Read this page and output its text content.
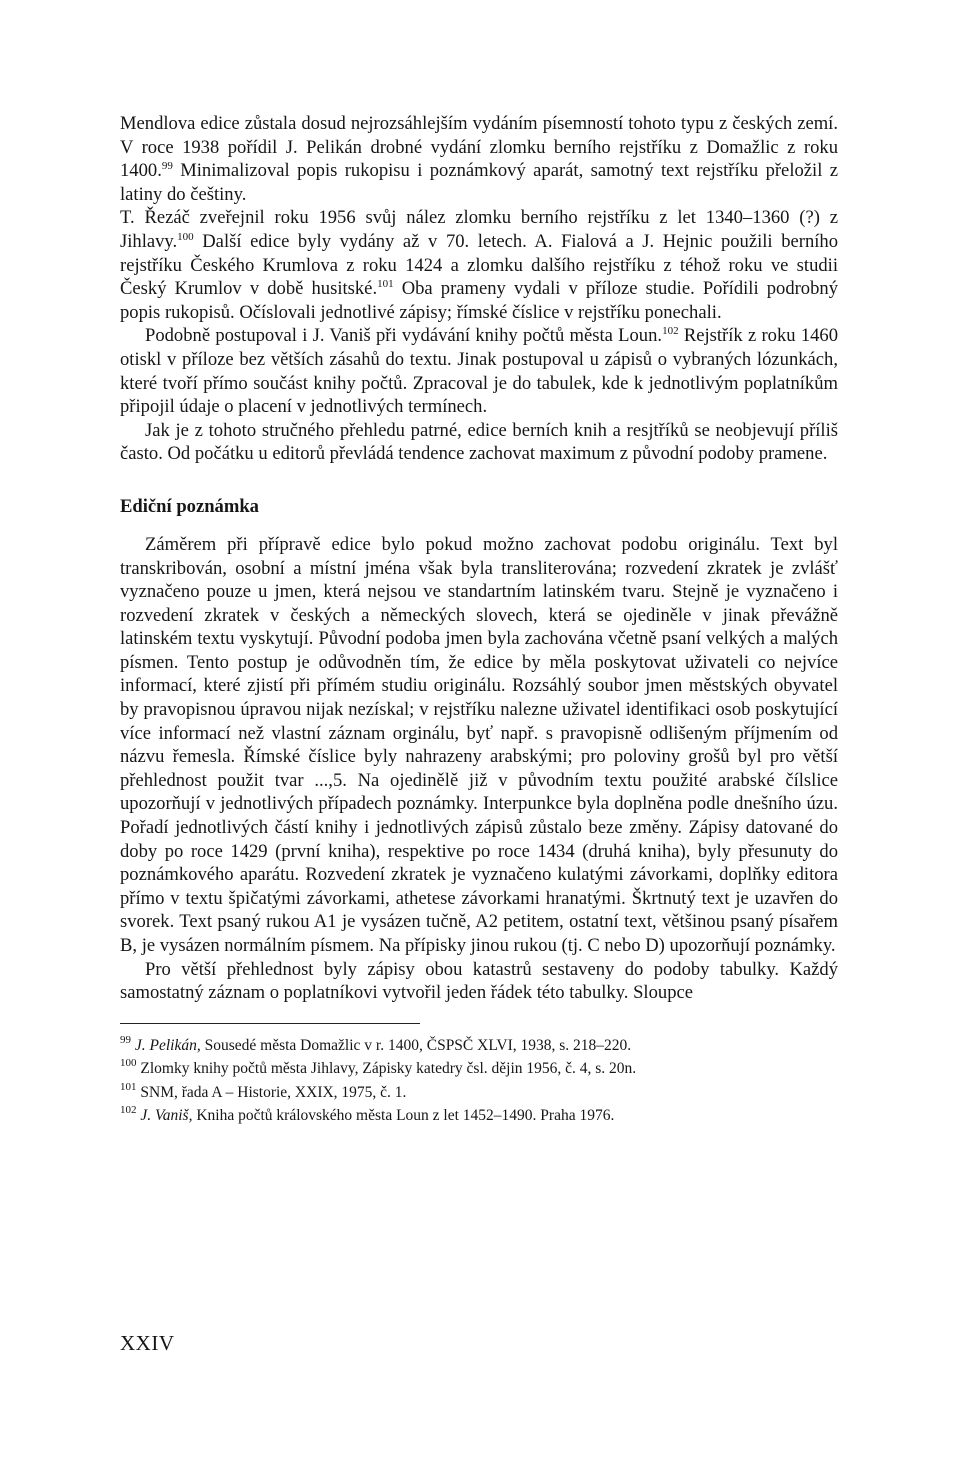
Mendlova edice zůstala dosud nejrozsáhlejším vydáním písemností tohoto typu z českých zemí. V roce 1938 pořídil J. Pelikán drobné vydání zlomku berního rejstříku z Domažlic z roku 1400.99 Minimalizoval popis rukopisu i poznámkový aparát, samotný text rejstříku přeložil z latiny do češtiny.

T. Řezáč zveřejnil roku 1956 svůj nález zlomku berního rejstříku z let 1340–1360 (?) z Jihlavy.$^{100}$ Další edice byly vydány až v 70. letech. A. Fialová a J. Hejnic použili berního rejstříku Českého Krumlova z roku 1424 a zlomku dalšího rejstříku z téhož roku ve studii Český Krumlov v době husitské.$^{101}$ Oba prameny vydali v příloze studie. Pořídili podrobný popis rukopisů. Očíslovali jednotlivé zápisy; římské číslice v rejstříku ponechali.

Podobně postupoval i J. Vaniš při vydávání knihy počtů města Loun.$^{102}$ Rejstřík z roku 1460 otiskl v příloze bez větších zásahů do textu. Jinak postupoval u zápisů o vybraných lózunkách, které tvoří přímo součást knihy počtů. Zpracoval je do tabulek, kde k jednotlivým poplatníkům připojil údaje o placení v jednotlivých termínech.

Jak je z tohoto stručného přehledu patrné, edice berních knih a resjtříků se neobjevují příliš často. Od počátku u editorů převládá tendence zachovat maximum z původní podoby pramene.

Ediční poznámka

Záměrem při přípravě edice bylo pokud možno zachovat podobu originálu. Text byl transkribován, osobní a místní jména však byla transliterována; rozvedení zkratek je zvlášť vyznačeno pouze u jmen, která nejsou ve standartním latinském tvaru. Stejně je vyznačeno i rozvedení zkratek v českých a německých slovech, která se ojediněle v jinak převážně latinském textu vyskytují. Původní podoba jmen byla zachována včetně psaní velkých a malých písmen. Tento postup je odůvodněn tím, že edice by měla poskytovat uživateli co nejvíce informací, které zjistí při přímém studiu originálu. Rozsáhlý soubor jmen městských obyvatel by pravopisnou úpravou nijak nezískal; v rejstříku nalezne uživatel identifikaci osob poskytující více informací než vlastní záznam orginálu, byť např. s pravopisně odlišeným příjmením od názvu řemesla. Římské číslice byly nahrazeny arabskými; pro poloviny grošů byl pro větší přehlednost použit tvar ...,5. Na ojedinělě již v původním textu použité arabské čílslice upozorňují v jednotlivých případech poznámky. Interpunkce byla doplněna podle dnešního úzu. Pořadí jednotlivých částí knihy i jednotlivých zápisů zůstalo beze změny. Zápisy datované do doby po roce 1429 (první kniha), respektive po roce 1434 (druhá kniha), byly přesunuty do poznámkového aparátu. Rozvedení zkratek je vyznačeno kulatými závorkami, doplňky editora přímo v textu špičatými závorkami, athetese závorkami hranatými. Škrtnutý text je uzavřen do svorek. Text psaný rukou A1 je vysázen tučně, A2 petitem, ostatní text, většinou psaný písařem B, je vysázen normálním písmem. Na přípisky jinou rukou (tj. C nebo D) upozorňují poznámky.

Pro větší přehlednost byly zápisy obou katastrů sestaveny do podoby tabulky. Každý samostatný záznam o poplatníkovi vytvořil jeden řádek této tabulky. Sloupce

$^{99}$ J. Pelikán, Sousedé města Domažlic v r. 1400, ČSPSČ XLVI, 1938, s. 218–220.
$^{100}$ Zlomky knihy počtů města Jihlavy, Zápisky katedry čsl. dějin 1956, č. 4, s. 20n.
$^{101}$ SNM, řada A – Historie, XXIX, 1975, č. 1.
$^{102}$ J. Vaniš, Kniha počtů královského města Loun z let 1452–1490. Praha 1976.
XXIV
